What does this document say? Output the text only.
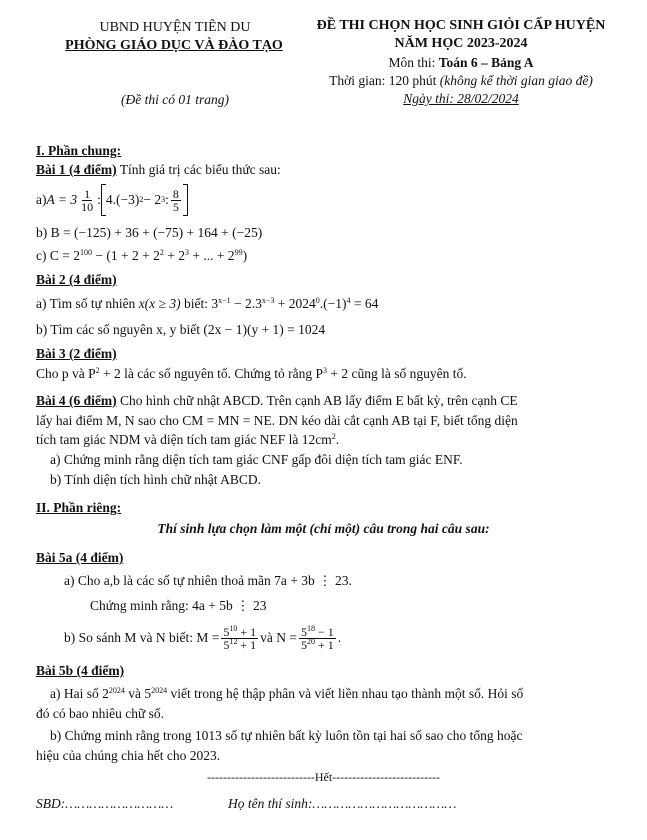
UBND HUYỆN TIÊN DU
PHÒNG GIÁO DỤC VÀ ĐÀO TẠO
(Đề thi có 01 trang)
ĐỀ THI CHỌN HỌC SINH GIỎI CẤP HUYỆN
NĂM HỌC 2023-2024
Môn thi: Toán 6 – Bảng A
Thời gian: 120 phút (không kể thời gian giao đề)
Ngày thi: 28/02/2024
I. Phần chung:
Bài 1 (4 điểm) Tính giá trị các biểu thức sau:
a) $A = 3 \frac{1}{10}$ : 4.(−3) 2 − 2 3 : $\frac{8}{5}$
b) B = (−125) + 36 + (−75) + 164 + (−25)
c) $C = 2^{100} - (1 + 2 + 2^2 + 2^3$ + ... + $2^{99}$)
Bài 2 (4 điểm)
a) Tìm số tự nhiên x(x ≥ 3) biết: $3^{x-1} - 2.3^{x-3} + 2024^0.(-1)^4 = 64$
b) Tìm các số nguyên x, y biết (2x − 1)(y + 1) = 1024
Bài 3 (2 điểm)
Cho p và $P^2 + 2$ là các số nguyên tố. Chứng tỏ rằng $P^3 + 2$ cũng là số nguyên tố.
Bài 4 (6 điểm) Cho hình chữ nhật ABCD. Trên cạnh AB lấy điểm E bất kỳ, trên cạnh CE
lấy hai điểm M, N sao cho CM = MN = NE. DN kéo dài cắt cạnh AB tại F, biết tổng diện
tích tam giác NDM và diện tích tam giác NEF là $12cm^2$.
a) Chứng minh rằng diện tích tam giác CNF gấp đôi diện tích tam giác ENF.
b) Tính diện tích hình chữ nhật ABCD.
II. Phần riêng:
Thí sinh lựa chọn làm một (chỉ một) câu trong hai câu sau:
Bài 5a (4 điểm)
a) Cho a,b là các số tự nhiên thoả mãn 7a + 3b ⋮ 23.
Chứng minh rằng: 4a + 5b ⋮ 23
b) So sánh M và N biết: $M = \frac{5^{10} + 1}{5^{12} + 1}$ và $N = \frac{5^{18} - 1}{5^{20} + 1}$ .
Bài 5b (4 điểm)
a) Hai số $2^{2024}$ và $5^{2024}$ viết trong hệ thập phân và viết liền nhau tạo thành một số. Hỏi số
đó có bao nhiêu chữ số.
b) Chứng minh rằng trong 1013 số tự nhiên bất kỳ luôn tồn tại hai số sao cho tổng hoặc
hiệu của chúng chia hết cho 2023.
---------------------------Hết---------------------------
SBD:………………………	Họ tên thí sinh:………………………………
